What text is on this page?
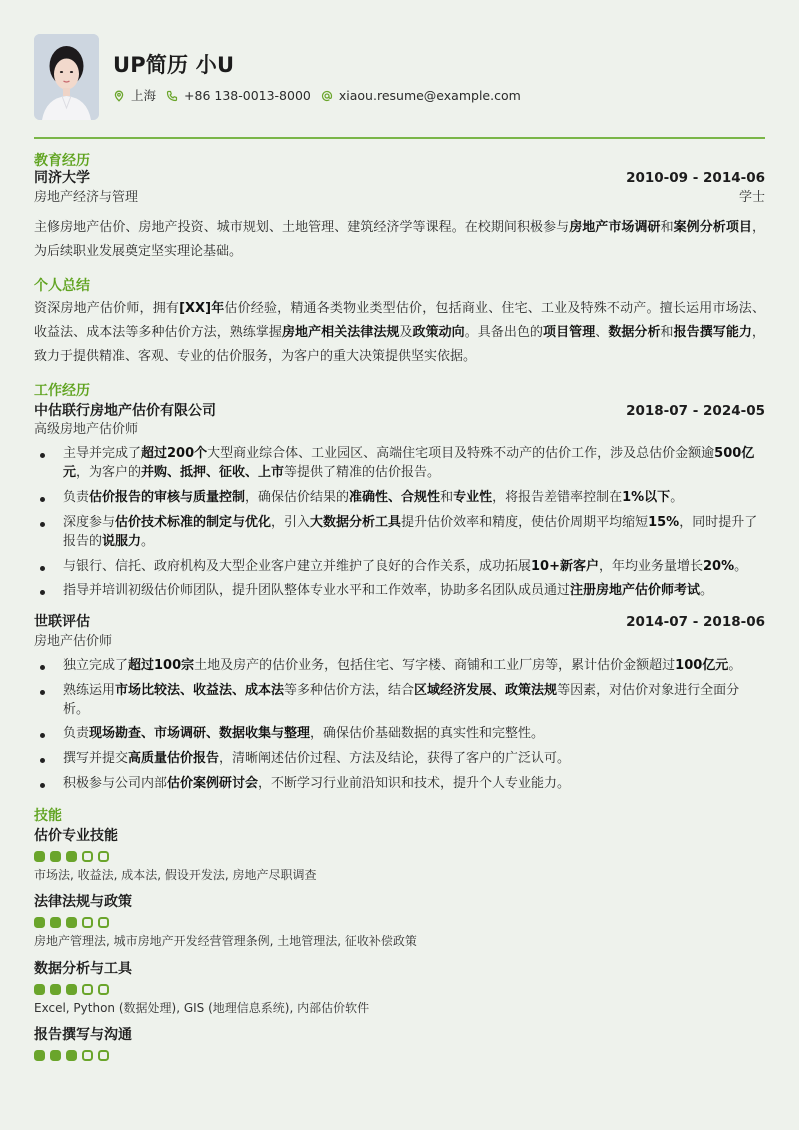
UP简历 小U
上海 +86 138-0013-8000 xiaou.resume@example.com
教育经历
同济大学	2010-09 - 2014-06
房地产经济与管理	学士
主修房地产估价、房地产投资、城市规划、土地管理、建筑经济学等课程。在校期间积极参与房地产市场调研和案例分析项目，为后续职业发展奠定坚实理论基础。
个人总结
资深房地产估价师，拥有[XX]年估价经验，精通各类物业类型估价，包括商业、住宅、工业及特殊不动产。擅长运用市场法、收益法、成本法等多种估价方法，熟练掌握房地产相关法律法规及政策动向。具备出色的项目管理、数据分析和报告撰写能力，致力于提供精准、客观、专业的估价服务，为客户的重大决策提供坚实依据。
工作经历
中估联行房地产估价有限公司	2018-07 - 2024-05
高级房地产估价师
主导并完成了超过200个大型商业综合体、工业园区、高端住宅项目及特殊不动产的估价工作，涉及总估价金额逾500亿元，为客户的并购、抵押、征收、上市等提供了精准的估价报告。
负责估价报告的审核与质量控制，确保估价结果的准确性、合规性和专业性，将报告差错率控制在1%以下。
深度参与估价技术标准的制定与优化，引入大数据分析工具提升估价效率和精度，使估价周期平均缩短15%，同时提升了报告的说服力。
与银行、信托、政府机构及大型企业客户建立并维护了良好的合作关系，成功拓展10+新客户，年均业务量增长20%。
指导并培训初级估价师团队，提升团队整体专业水平和工作效率，协助多名团队成员通过注册房地产估价师考试。
世联评估	2014-07 - 2018-06
房地产估价师
独立完成了超过100宗土地及房产的估价业务，包括住宅、写字楼、商铺和工业厂房等，累计估价金额超过100亿元。
熟练运用市场比较法、收益法、成本法等多种估价方法，结合区域经济发展、政策法规等因素，对估价对象进行全面分析。
负责现场勘查、市场调研、数据收集与整理，确保估价基础数据的真实性和完整性。
撰写并提交高质量估价报告，清晰阐述估价过程、方法及结论，获得了客户的广泛认可。
积极参与公司内部估价案例研讨会，不断学习行业前沿知识和技术，提升个人专业能力。
技能
估价专业技能
市场法, 收益法, 成本法, 假设开发法, 房地产尽职调查
法律法规与政策
房地产管理法, 城市房地产开发经营管理条例, 土地管理法, 征收补偿政策
数据分析与工具
Excel, Python (数据处理), GIS (地理信息系统), 内部估价软件
报告撰写与沟通
